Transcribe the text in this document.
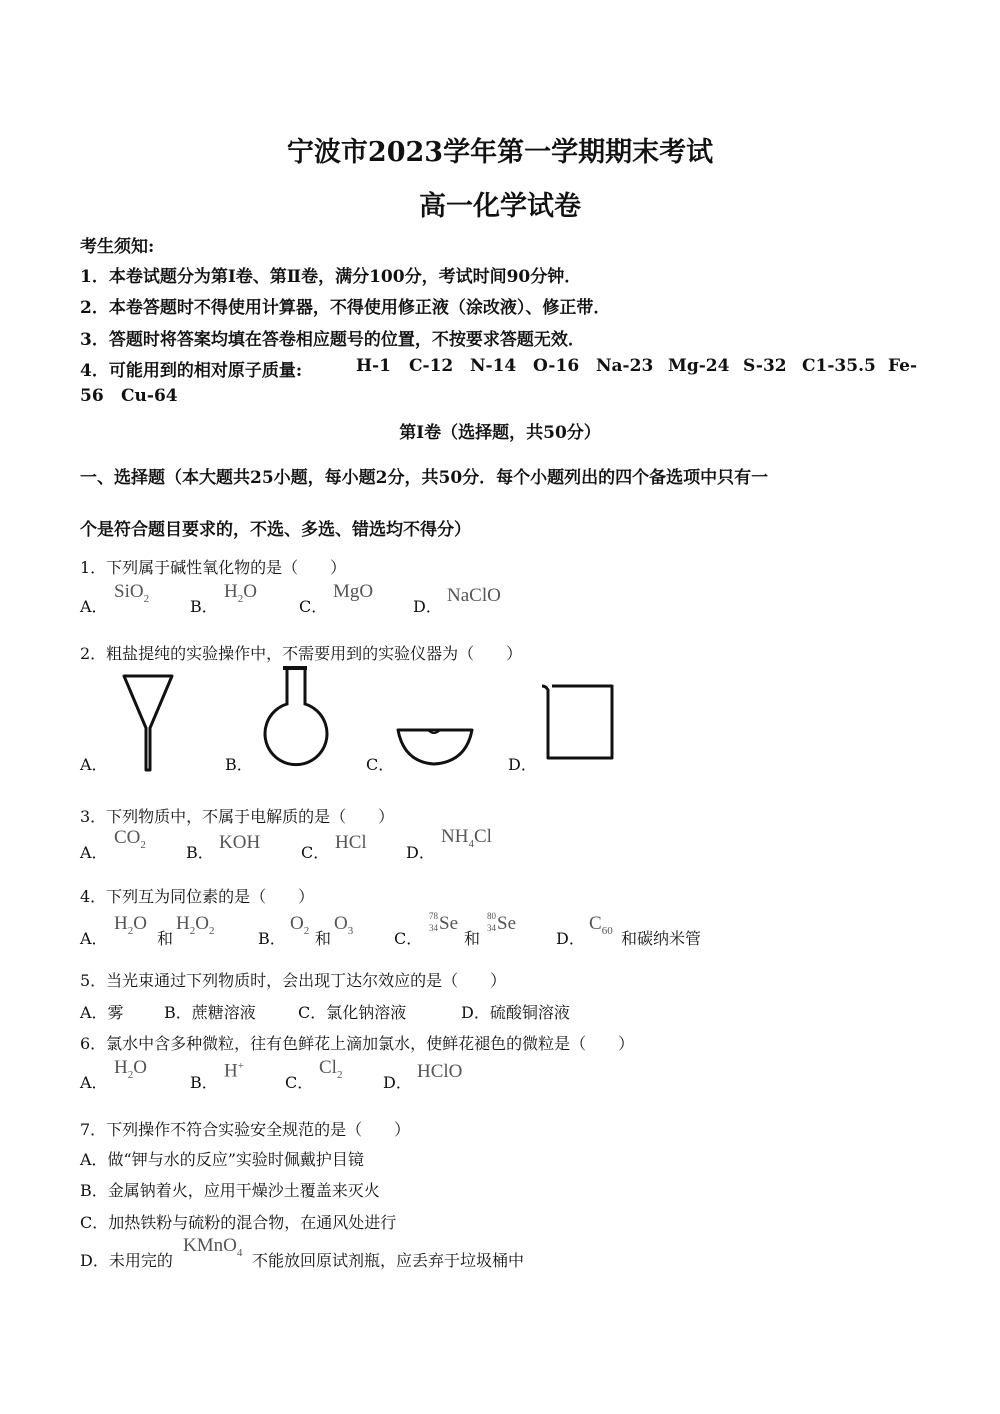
宁波市2023学年第一学期期末考试
高一化学试卷
考生须知:
1．本卷试题分为第Ⅰ卷、第Ⅱ卷，满分100分，考试时间90分钟．
2．本卷答题时不得使用计算器，不得使用修正液（涂改液）、修正带．
3．答题时将答案均填在答卷相应题号的位置，不按要求答题无效．
4．可能用到的相对原子质量:	H-1 C-12 N-14 O-16 Na-23 Mg-24 S-32 C1-35.5 Fe-
56 Cu-64
第Ⅰ卷（选择题，共50分）
一、选择题（本大题共25小题，每小题2分，共50分．每个小题列出的四个备选项中只有一
个是符合题目要求的，不选、多选、错选均不得分）
1．下列属于碱性氧化物的是（　　）
A．
SiO$_2$	B．
$H_2O$
C．
MgO
D．
NaClO
2．粗盐提纯的实验操作中，不需要用到的实验仪器为（　　）
A．	B．	C．	D．
3．下列物质中，不属于电解质的是（　　）
A．
$CO_2$	B． KOH	C． HCl D．
$NH_4Cl$
4．下列互为同位素的是（　　）
A．
$H_2O$
和
$H_2O_2$	B．
$O_2$ 和
$O_3$	C．
78
34 Se
和
80
34 Se
D．
$C_{60}$ 和碳纳米管
5．当光束通过下列物质时，会出现丁达尔效应的是（　　）
A．雾	B．蔗糖溶液	C．氯化钠溶液	D．硫酸铜溶液
6．氯水中含多种微粒，往有色鲜花上滴加氯水，使鲜花褪色的微粒是（　　）
A．
$H_2O$
B．
H+
C．
$Cl_2$	D．
HClO
7．下列操作不符合实验安全规范的是（　　）
A．做“钾与水的反应”实验时佩戴护目镜
B．金属钠着火，应用干燥沙土覆盖来灭火
C．加热铁粉与硫粉的混合物，在通风处进行
D．未用完的
KMnO$_4$ 不能放回原试剂瓶，应丢弃于垃圾桶中
